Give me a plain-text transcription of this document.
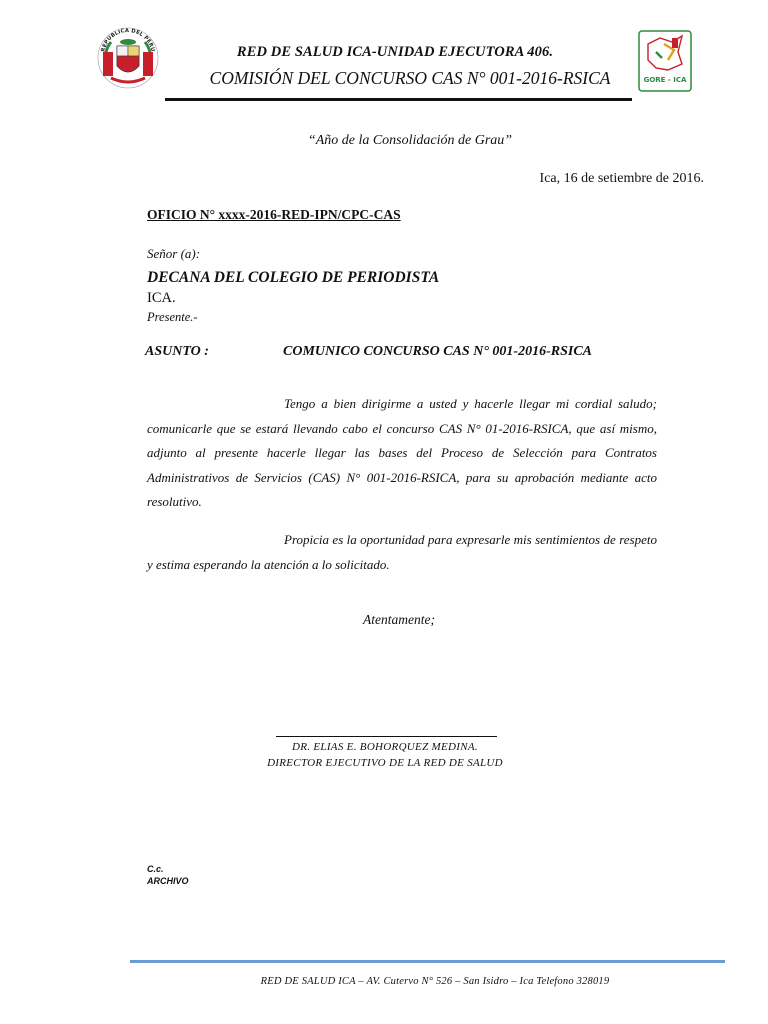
REPUBLICA DEL PERU
GORE - ICA
RED DE SALUD ICA-UNIDAD EJECUTORA 406.
COMISIÓN DEL CONCURSO CAS N° 001-2016-RSICA
“Año de la Consolidación de Grau”
Ica, 16 de setiembre de 2016.
OFICIO N° xxxx-2016-RED-IPN/CPC-CAS
Señor (a):
DECANA DEL COLEGIO DE PERIODISTA
ICA.
Presente.-
ASUNTO :	COMUNICO CONCURSO CAS N° 001-2016-RSICA
Tengo a bien dirigirme a usted y hacerle llegar mi cordial saludo; comunicarle que se estará llevando cabo el concurso CAS N° 01-2016-RSICA, que así mismo, adjunto al presente hacerle llegar las bases del Proceso de Selección para Contratos Administrativos de Servicios (CAS) N° 001-2016-RSICA, para su aprobación mediante acto resolutivo.
Propicia es la oportunidad para expresarle mis sentimientos de respeto y estima esperando la atención a lo solicitado.
Atentamente;
DR. ELIAS E. BOHORQUEZ MEDINA.
DIRECTOR EJECUTIVO DE LA RED DE SALUD
C.c.
ARCHIVO
RED DE SALUD ICA – AV. Cutervo N° 526 – San Isidro – Ica Telefono 328019
